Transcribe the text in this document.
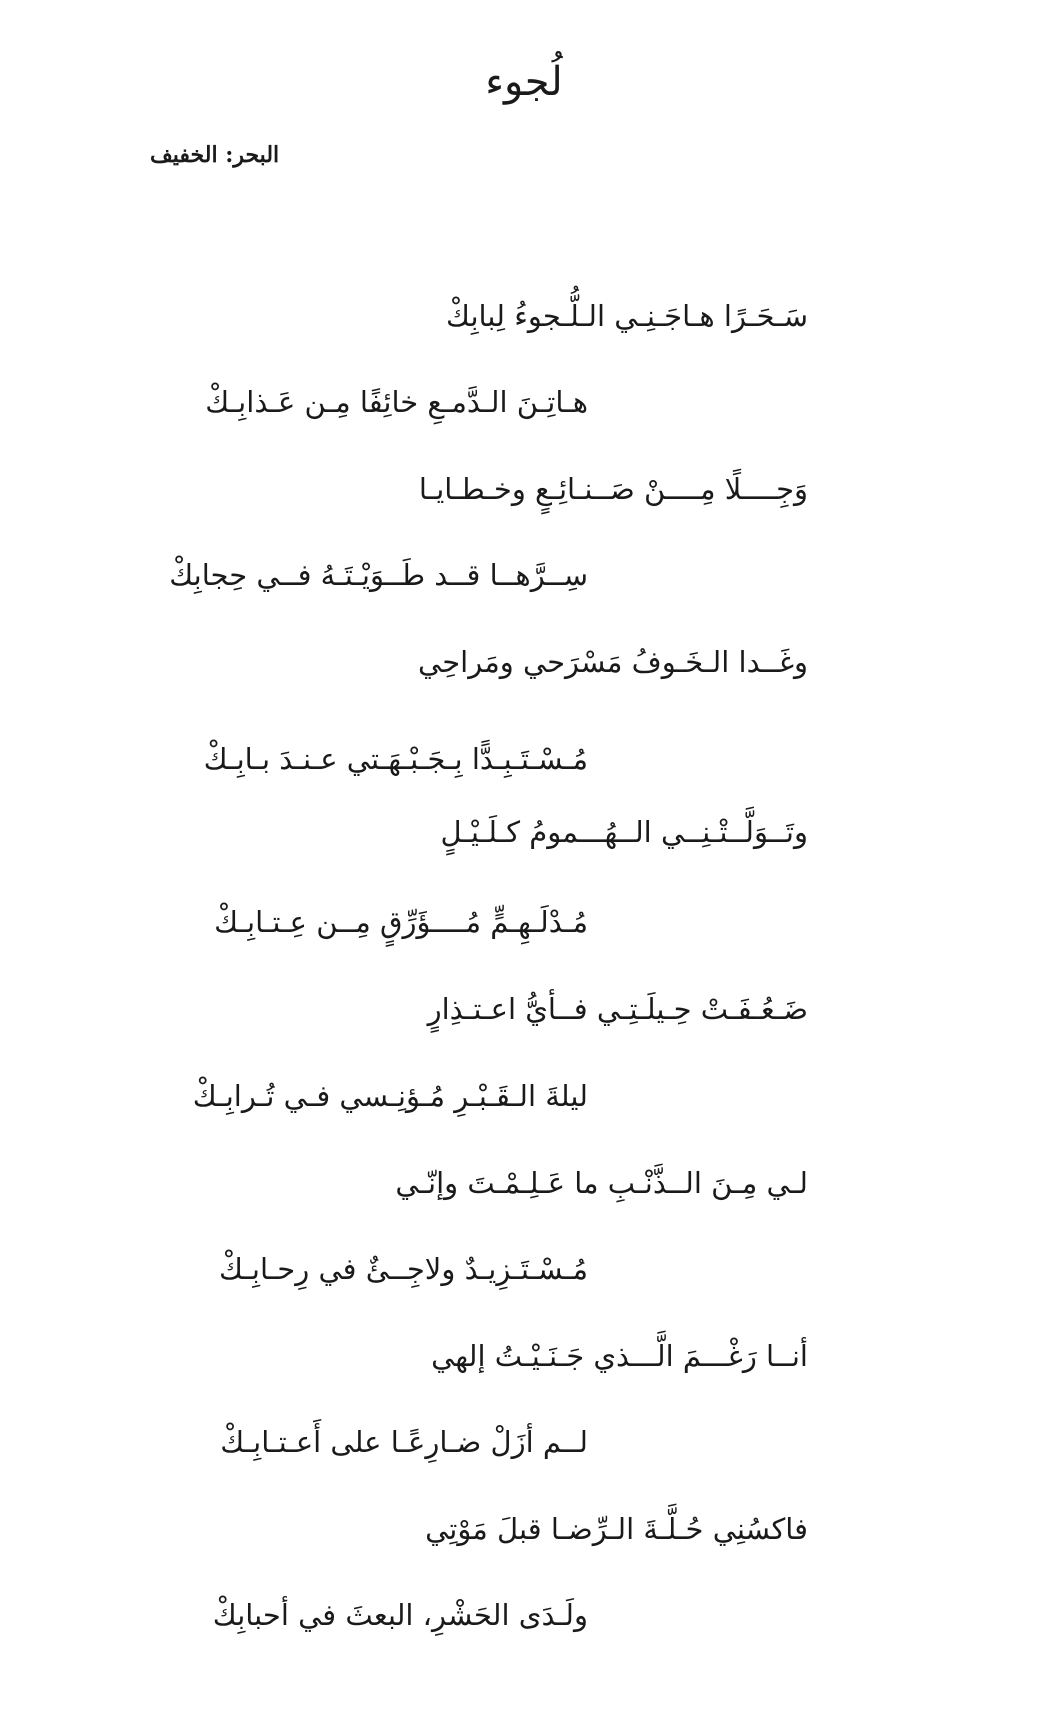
لُجوء
البحر: الخفيف
سَـحَـرًا هـاجَـنِـي الـلُّـجوءُ لِبابِكْ
هـاتِـنَ الـدَّمـعِ خائِفًا مِـن عَـذابِـكْ
وَجِــــلًا مِــــنْ صَــنـائِـعٍ وخـطـايـا
سِــرَّهــا قــد طَــوَيْـتَـهُ فــي حِجابِكْ
وغَــدا الـخَـوفُ مَسْرَحي ومَراحِي
مُـسْـتَـبِـدًّا بِـجَـبْـهَـتي عـنـدَ بـابِـكْ
وتَــوَلَّــتْـنِــي الــهُـــمومُ كـلَـيْـلٍ
مُـدْلَـهِـمٍّ مُــــؤَرِّقٍ مِــن عِـتـابِـكْ
ضَـعُـفَـتْ حِـيلَـتِـي فــأيُّ اعـتـذِارٍ
ليلةَ الـقَـبْـرِ مُـؤنِـسي فـي تُـرابِـكْ
لـي مِـنَ الــذَّنْـبِ ما عَـلِـمْـتَ وإنّـي
مُـسْـتَـزِيـدٌ ولاجِــئٌ في رِحـابِـكْ
أنــا رَغْـــمَ الَّـــذي جَـنَـيْـتُ إلهي
لــم أزَلْ ضـارِعًـا على أَعـتـابِـكْ
فاكسُنِي حُـلَّـةَ الـرِّضـا قبلَ مَوْتِي
ولَـدَى الحَشْرِ، البعثَ في أحبابِكْ
